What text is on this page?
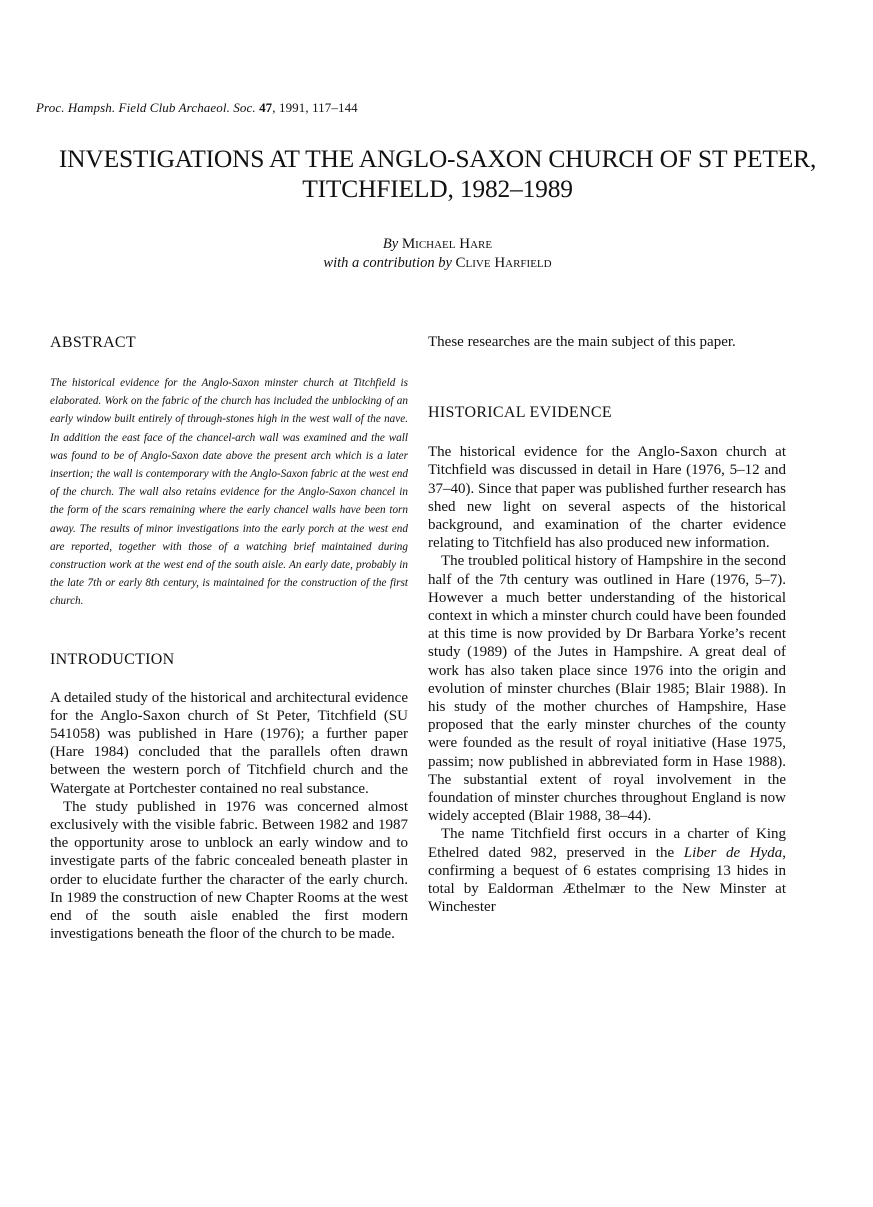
Proc. Hampsh. Field Club Archaeol. Soc. 47, 1991, 117–144
INVESTIGATIONS AT THE ANGLO-SAXON CHURCH OF ST PETER, TITCHFIELD, 1982–1989
By Michael Hare
with a contribution by Clive Harfield
ABSTRACT

The historical evidence for the Anglo-Saxon minster church at Titchfield is elaborated. Work on the fabric of the church has included the unblocking of an early window built entirely of through-stones high in the west wall of the nave. In addition the east face of the chancel-arch wall was examined and the wall was found to be of Anglo-Saxon date above the present arch which is a later insertion; the wall is contemporary with the Anglo-Saxon fabric at the west end of the church. The wall also retains evidence for the Anglo-Saxon chancel in the form of the scars remaining where the early chancel walls have been torn away. The results of minor investigations into the early porch at the west end are reported, together with those of a watching brief maintained during construction work at the west end of the south aisle. An early date, probably in the late 7th or early 8th century, is maintained for the construction of the first church.

INTRODUCTION

A detailed study of the historical and architectural evidence for the Anglo-Saxon church of St Peter, Titchfield (SU 541058) was published in Hare (1976); a further paper (Hare 1984) concluded that the parallels often drawn between the western porch of Titchfield church and the Watergate at Portchester contained no real substance.

The study published in 1976 was concerned almost exclusively with the visible fabric. Between 1982 and 1987 the opportunity arose to unblock an early window and to investigate parts of the fabric concealed beneath plaster in order to elucidate further the character of the early church. In 1989 the construction of new Chapter Rooms at the west end of the south aisle enabled the first modern investigations beneath the floor of the church to be made.

These researches are the main subject of this paper.

HISTORICAL EVIDENCE

The historical evidence for the Anglo-Saxon church at Titchfield was discussed in detail in Hare (1976, 5–12 and 37–40). Since that paper was published further research has shed new light on several aspects of the historical background, and examination of the charter evidence relating to Titchfield has also produced new information.

The troubled political history of Hampshire in the second half of the 7th century was outlined in Hare (1976, 5–7). However a much better understanding of the historical context in which a minster church could have been founded at this time is now provided by Dr Barbara Yorke’s recent study (1989) of the Jutes in Hampshire. A great deal of work has also taken place since 1976 into the origin and evolution of minster churches (Blair 1985; Blair 1988). In his study of the mother churches of Hampshire, Hase proposed that the early minster churches of the county were founded as the result of royal initiative (Hase 1975, passim; now published in abbreviated form in Hase 1988). The substantial extent of royal involvement in the foundation of minster churches throughout England is now widely accepted (Blair 1988, 38–44).

The name Titchfield first occurs in a charter of King Ethelred dated 982, preserved in the Liber de Hyda, confirming a bequest of 6 estates comprising 13 hides in total by Ealdorman Æthelmær to the New Minster at Winchester
